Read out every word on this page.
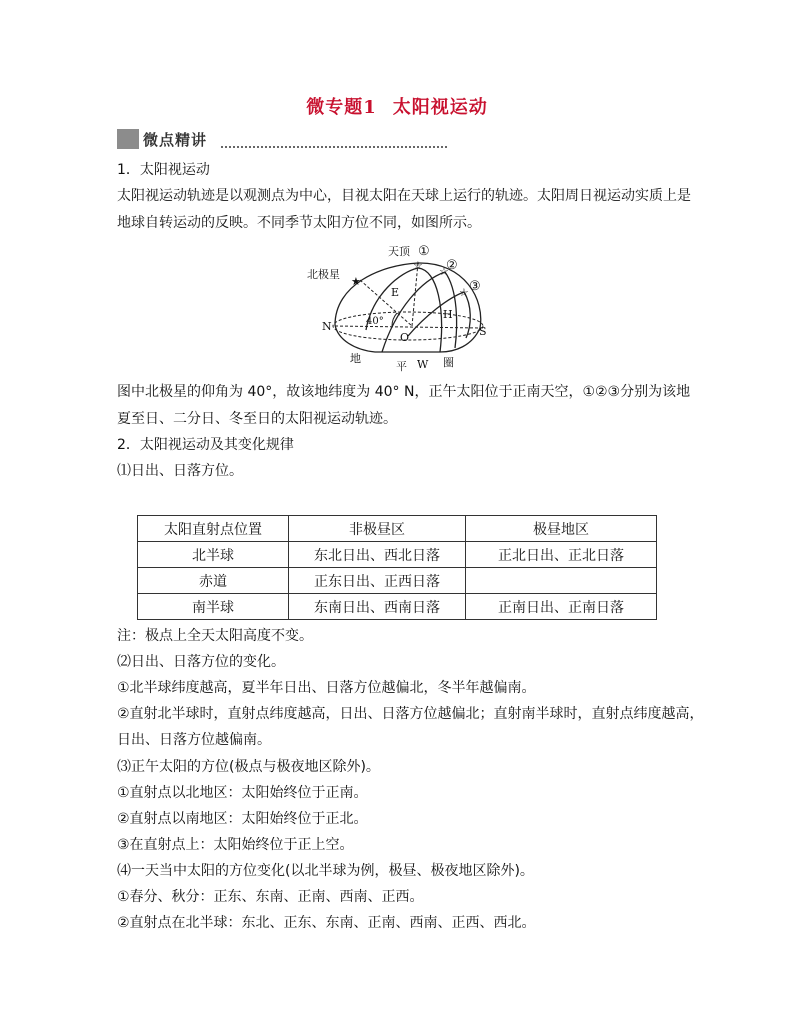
微专题1 太阳视运动
微点精讲
1．太阳视运动
太阳视运动轨迹是以观测点为中心，目视太阳在天球上运行的轨迹。太阳周日视运动实质上是
地球自转运动的反映。不同季节太阳方位不同，如图所示。
☆ ☆
☆
★
天顶 ①
②
③
北极星
N	S
E
O
H
40°
W
地
平	圈
图中北极星的仰角为 40°，故该地纬度为 40° N，正午太阳位于正南天空，①②③分别为该地
夏至日、二分日、冬至日的太阳视运动轨迹。
2．太阳视运动及其变化规律
⑴日出、日落方位。
太阳直射点位置	非极昼区	极昼地区
北半球	东北日出、西北日落	正北日出、正北日落
赤道	正东日出、正西日落	
南半球	东南日出、西南日落	正南日出、正南日落
注：极点上全天太阳高度不变。
⑵日出、日落方位的变化。
①北半球纬度越高，夏半年日出、日落方位越偏北，冬半年越偏南。
②直射北半球时，直射点纬度越高，日出、日落方位越偏北；直射南半球时，直射点纬度越高，
日出、日落方位越偏南。
⑶正午太阳的方位(极点与极夜地区除外)。
①直射点以北地区：太阳始终位于正南。
②直射点以南地区：太阳始终位于正北。
③在直射点上：太阳始终位于正上空。
⑷一天当中太阳的方位变化(以北半球为例，极昼、极夜地区除外)。
①春分、秋分：正东、东南、正南、西南、正西。
②直射点在北半球：东北、正东、东南、正南、西南、正西、西北。
